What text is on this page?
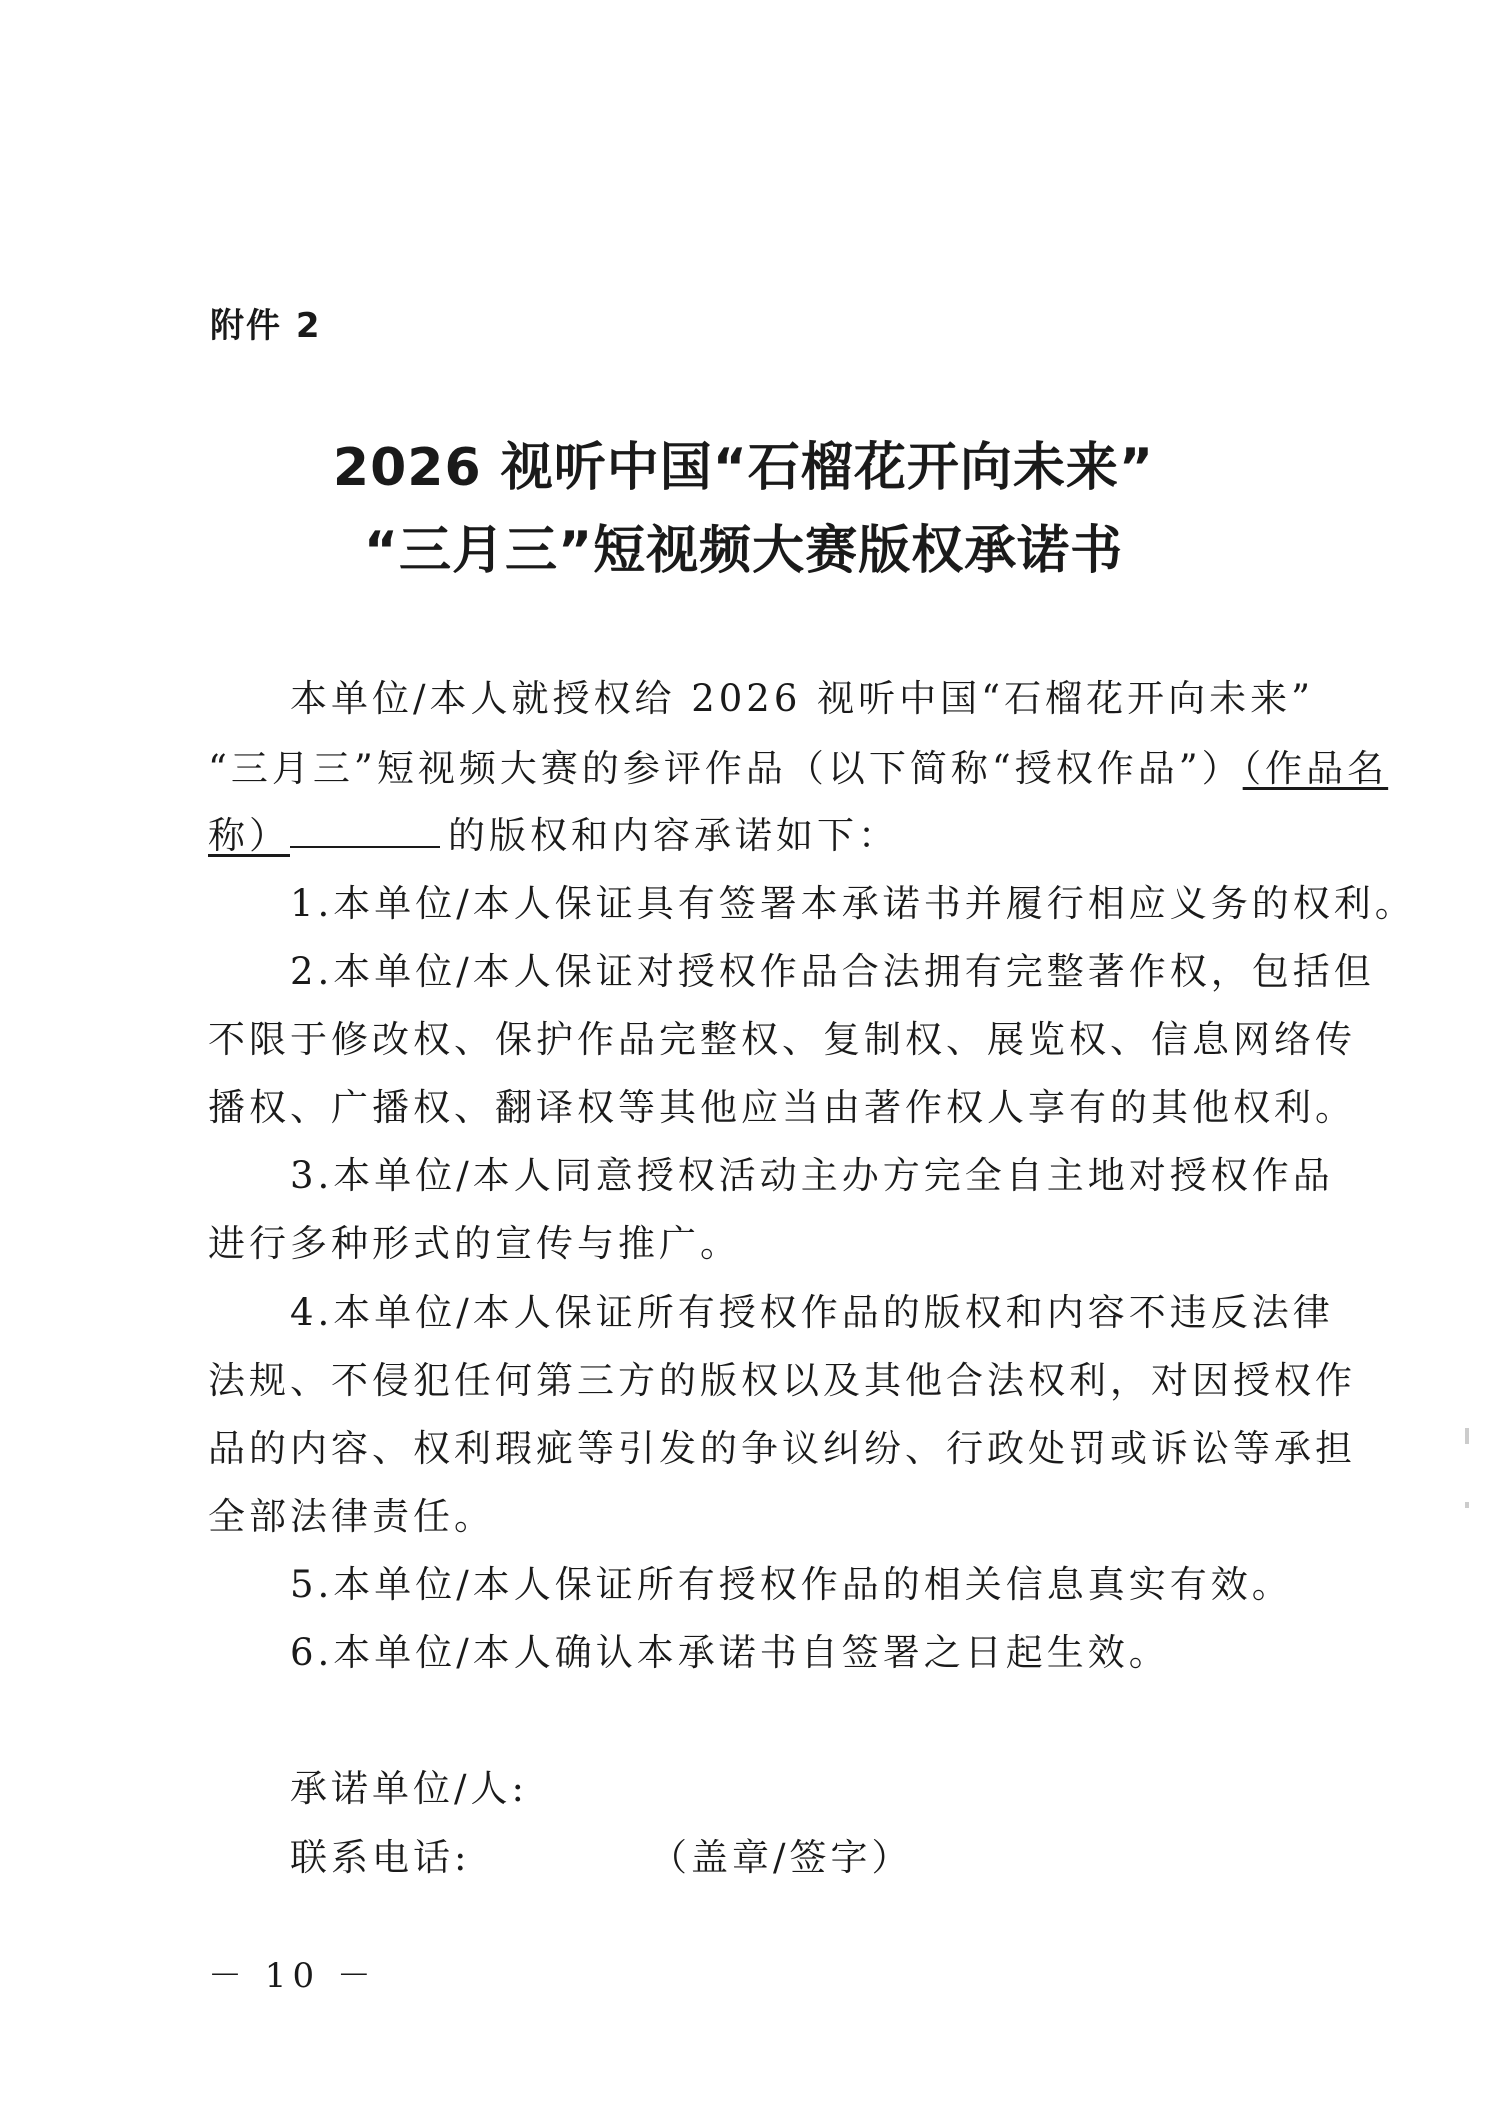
附件 2
2026 视听中国“石榴花开向未来”
“三月三”短视频大赛版权承诺书
本单位/本人就授权给 2026 视听中国“石榴花开向未来”
“三月三”短视频大赛的参评作品（以下简称“授权作品”）（作品名
称）	的版权和内容承诺如下：
1.本单位/本人保证具有签署本承诺书并履行相应义务的权利。
2.本单位/本人保证对授权作品合法拥有完整著作权，包括但
不限于修改权、保护作品完整权、复制权、展览权、信息网络传
播权、广播权、翻译权等其他应当由著作权人享有的其他权利。
3.本单位/本人同意授权活动主办方完全自主地对授权作品
进行多种形式的宣传与推广。
4.本单位/本人保证所有授权作品的版权和内容不违反法律
法规、不侵犯任何第三方的版权以及其他合法权利，对因授权作
品的内容、权利瑕疵等引发的争议纠纷、行政处罚或诉讼等承担
全部法律责任。
5.本单位/本人保证所有授权作品的相关信息真实有效。
6.本单位/本人确认本承诺书自签署之日起生效。
承诺单位/人:
联系电话:	（盖章/签字）
－ 10 －
